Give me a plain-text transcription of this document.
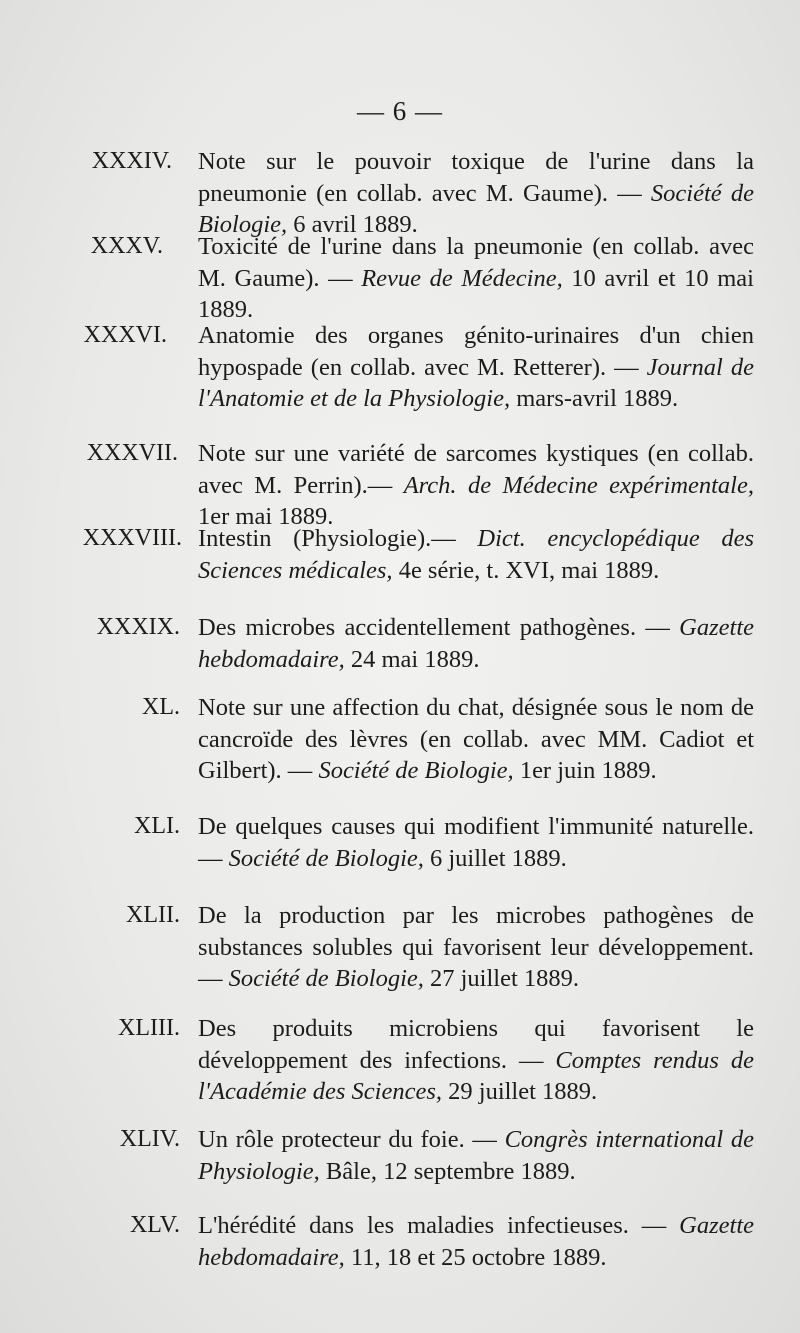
— 6 —
XXXIV. Note sur le pouvoir toxique de l'urine dans la pneumonie (en collab. avec M. Gaume). — Société de Biologie, 6 avril 1889.
XXXV. Toxicité de l'urine dans la pneumonie (en collab. avec M. Gaume). — Revue de Médecine, 10 avril et 10 mai 1889.
XXXVI. Anatomie des organes génito-urinaires d'un chien hypospade (en collab. avec M. Retterer). — Journal de l'Anatomie et de la Physiologie, mars-avril 1889.
XXXVII. Note sur une variété de sarcomes kystiques (en collab. avec M. Perrin).— Arch. de Médecine expérimentale, 1er mai 1889.
XXXVIII. Intestin (Physiologie).— Dict. encyclopédique des Sciences médicales, 4e série, t. XVI, mai 1889.
XXXIX. Des microbes accidentellement pathogènes. — Gazette hebdomadaire, 24 mai 1889.
XL. Note sur une affection du chat, désignée sous le nom de cancroïde des lèvres (en collab. avec MM. Cadiot et Gilbert). — Société de Biologie, 1er juin 1889.
XLI. De quelques causes qui modifient l'immunité naturelle. — Société de Biologie, 6 juillet 1889.
XLII. De la production par les microbes pathogènes de substances solubles qui favorisent leur développement. — Société de Biologie, 27 juillet 1889.
XLIII. Des produits microbiens qui favorisent le développement des infections. — Comptes rendus de l'Académie des Sciences, 29 juillet 1889.
XLIV. Un rôle protecteur du foie. — Congrès international de Physiologie, Bâle, 12 septembre 1889.
XLV. L'hérédité dans les maladies infectieuses. — Gazette hebdomadaire, 11, 18 et 25 octobre 1889.
